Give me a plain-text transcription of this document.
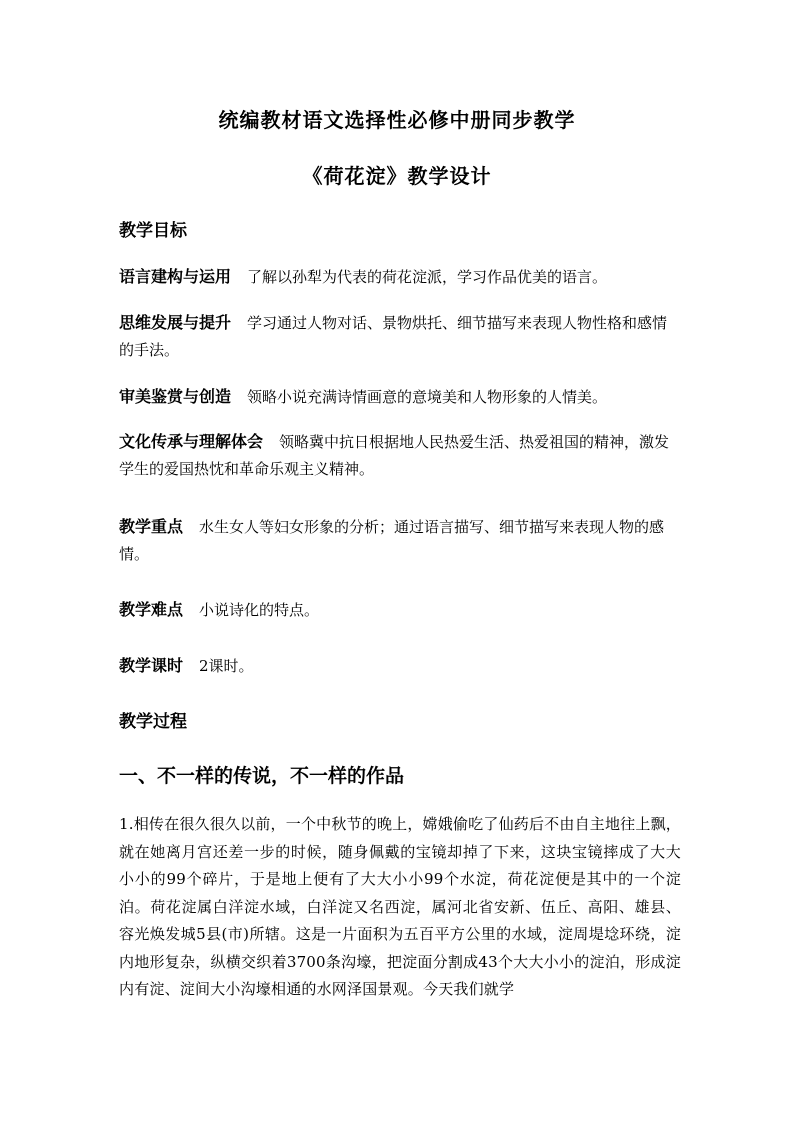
统编教材语文选择性必修中册同步教学
《荷花淀》教学设计
教学目标
语言建构与运用 了解以孙犁为代表的荷花淀派，学习作品优美的语言。
思维发展与提升 学习通过人物对话、景物烘托、细节描写来表现人物性格和感情的手法。
审美鉴赏与创造 领略小说充满诗情画意的意境美和人物形象的人情美。
文化传承与理解体会 领略冀中抗日根据地人民热爱生活、热爱祖国的精神，激发学生的爱国热忱和革命乐观主义精神。
教学重点 水生女人等妇女形象的分析；通过语言描写、细节描写来表现人物的感情。
教学难点 小说诗化的特点。
教学课时 2课时。
教学过程
一、不一样的传说，不一样的作品
1.相传在很久很久以前，一个中秋节的晚上，嫦娥偷吃了仙药后不由自主地往上飘，就在她离月宫还差一步的时候，随身佩戴的宝镜却掉了下来，这块宝镜摔成了大大小小的99个碎片，于是地上便有了大大小小99个水淀，荷花淀便是其中的一个淀泊。荷花淀属白洋淀水域，白洋淀又名西淀，属河北省安新、伍丘、高阳、雄县、容光焕发城5县(市)所辖。这是一片面积为五百平方公里的水域，淀周堤埝环绕，淀内地形复杂，纵横交织着3700条沟壕，把淀面分割成43个大大小小的淀泊，形成淀内有淀、淀间大小沟壕相通的水网泽国景观。今天我们就学
